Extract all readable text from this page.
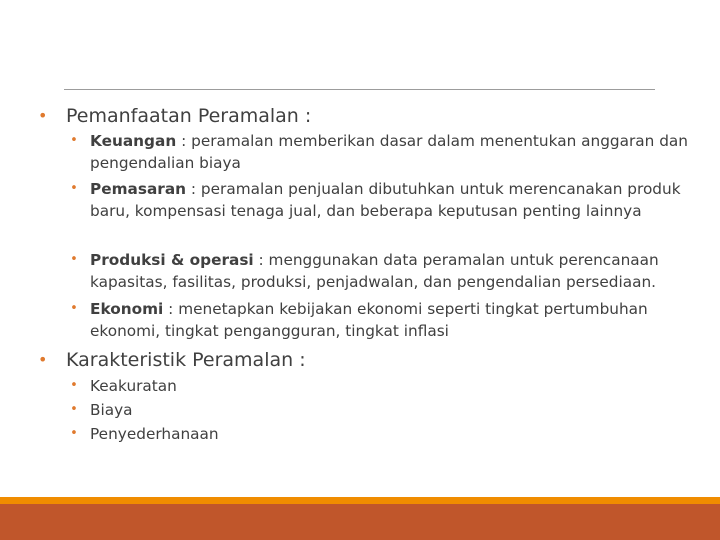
• Pemanfaatan Peramalan :
• Keuangan : peramalan memberikan dasar dalam menentukan anggaran dan pengendalian biaya
• Pemasaran : peramalan penjualan dibutuhkan untuk merencanakan produk baru, kompensasi tenaga jual, dan beberapa keputusan penting lainnya
• Produksi & operasi : menggunakan data peramalan untuk perencanaan kapasitas, fasilitas, produksi, penjadwalan, dan pengendalian persediaan.
• Ekonomi : menetapkan kebijakan ekonomi seperti tingkat pertumbuhan ekonomi, tingkat pengangguran, tingkat inflasi
• Karakteristik Peramalan :
• Keakuratan
• Biaya
• Penyederhanaan
